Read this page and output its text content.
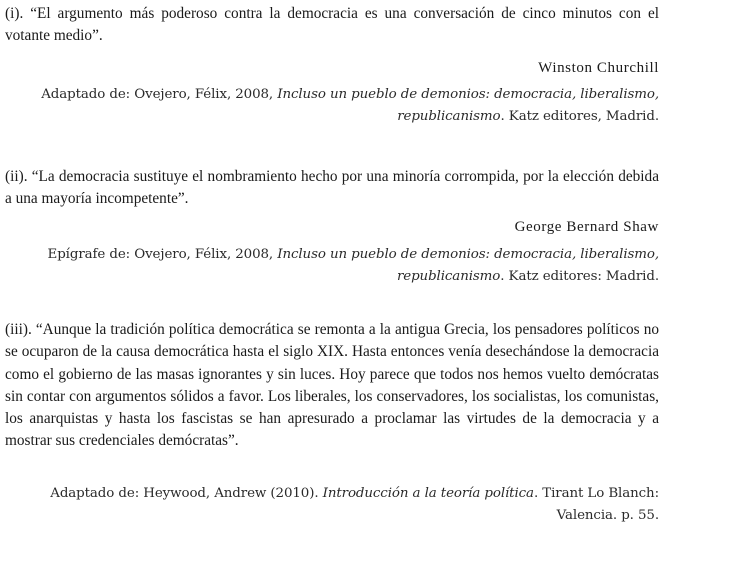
(i). “El argumento más poderoso contra la democracia es una conversación de cinco minutos con el votante medio”.

Winston Churchill

Adaptado de: Ovejero, Félix, 2008, Incluso un pueblo de demonios: democracia, liberalismo, republicanismo. Katz editores, Madrid.

(ii). “La democracia sustituye el nombramiento hecho por una minoría corrompida, por la elección debida a una mayoría incompetente”.

George Bernard Shaw

Epígrafe de: Ovejero, Félix, 2008, Incluso un pueblo de demonios: democracia, liberalismo, republicanismo. Katz editores: Madrid.

(iii). “Aunque la tradición política democrática se remonta a la antigua Grecia, los pensadores políticos no se ocuparon de la causa democrática hasta el siglo XIX. Hasta entonces venía desechándose la democracia como el gobierno de las masas ignorantes y sin luces. Hoy parece que todos nos hemos vuelto demócratas sin contar con argumentos sólidos a favor. Los liberales, los conservadores, los socialistas, los comunistas, los anarquistas y hasta los fascistas se han apresurado a proclamar las virtudes de la democracia y a mostrar sus credenciales demócratas”.

Adaptado de: Heywood, Andrew (2010). Introducción a la teoría política. Tirant Lo Blanch: Valencia. p. 55.
